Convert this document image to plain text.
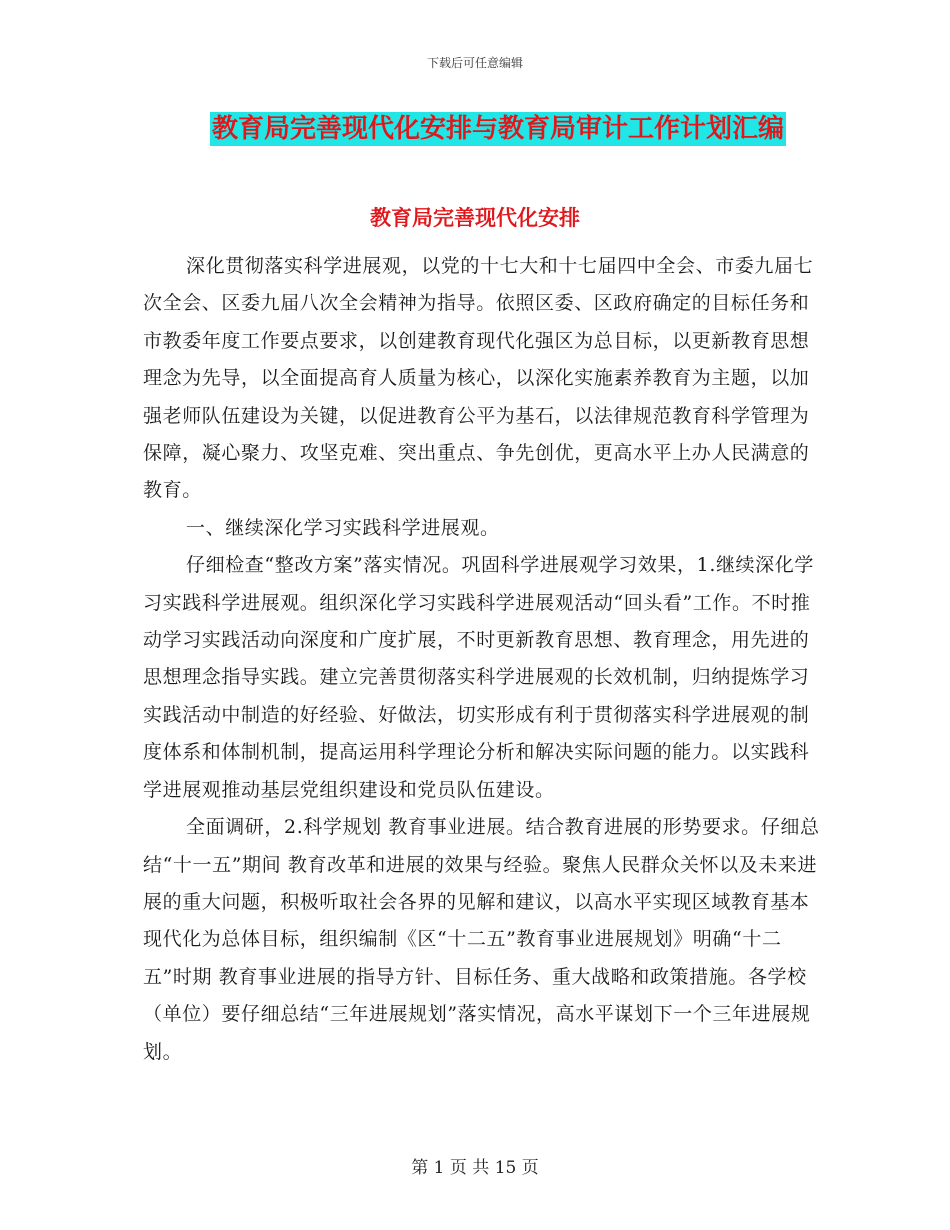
下载后可任意编辑
教育局完善现代化安排与教育局审计工作计划汇编
教育局完善现代化安排

深化贯彻落实科学进展观，以党的十七大和十七届四中全会、市委九届七次全会、区委九届八次全会精神为指导。依照区委、区政府确定的目标任务和市教委年度工作要点要求，以创建教育现代化强区为总目标，以更新教育思想理念为先导，以全面提高育人质量为核心，以深化实施素养教育为主题，以加强老师队伍建设为关键，以促进教育公平为基石，以法律规范教育科学管理为保障，凝心聚力、攻坚克难、突出重点、争先创优，更高水平上办人民满意的教育。

一、继续深化学习实践科学进展观。

仔细检查“整改方案”落实情况。巩固科学进展观学习效果，1.继续深化学习实践科学进展观。组织深化学习实践科学进展观活动“回头看”工作。不时推动学习实践活动向深度和广度扩展，不时更新教育思想、教育理念，用先进的思想理念指导实践。建立完善贯彻落实科学进展观的长效机制，归纳提炼学习实践活动中制造的好经验、好做法，切实形成有利于贯彻落实科学进展观的制度体系和体制机制，提高运用科学理论分析和解决实际问题的能力。以实践科学进展观推动基层党组织建设和党员队伍建设。

全面调研，2.科学规划 教育事业进展。结合教育进展的形势要求。仔细总结“十一五”期间 教育改革和进展的效果与经验。聚焦人民群众关怀以及未来进展的重大问题，积极听取社会各界的见解和建议，以高水平实现区域教育基本现代化为总体目标，组织编制《区“十二五”教育事业进展规划》明确“十二五”时期 教育事业进展的指导方针、目标任务、重大战略和政策措施。各学校（单位）要仔细总结“三年进展规划”落实情况，高水平谋划下一个三年进展规划。

第 1 页 共 15 页
